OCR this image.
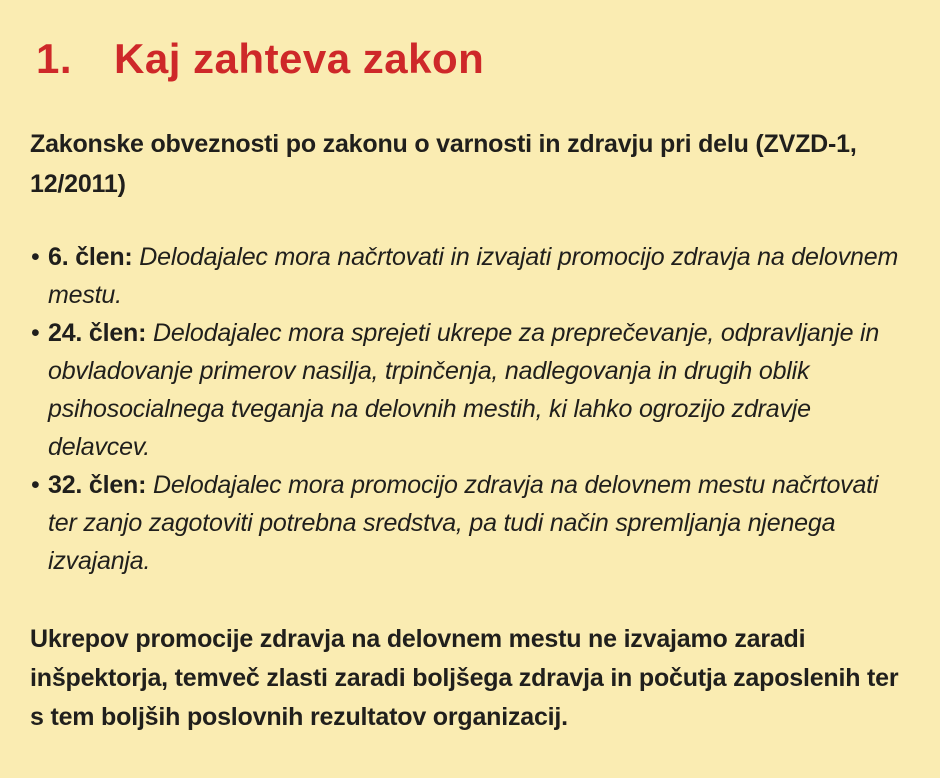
1. Kaj zahteva zakon

Zakonske obveznosti po zakonu o varnosti in zdravju pri delu (ZVZD-1, 12/2011)

• 6. člen: Delodajalec mora načrtovati in izvajati promocijo zdravja na delovnem mestu.
• 24. člen: Delodajalec mora sprejeti ukrepe za preprečevanje, odpravljanje in obvladovanje primerov nasilja, trpinčenja, nadlegovanja in drugih oblik psihosocialnega tveganja na delovnih mestih, ki lahko ogrozijo zdravje delavcev.
• 32. člen: Delodajalec mora promocijo zdravja na delovnem mestu načrtovati ter zanjo zagotoviti potrebna sredstva, pa tudi način spremljanja njenega izvajanja.

Ukrepov promocije zdravja na delovnem mestu ne izvajamo zaradi inšpektorja, temveč zlasti zaradi boljšega zdravja in počutja zaposlenih ter s tem boljših poslovnih rezultatov organizacij.
